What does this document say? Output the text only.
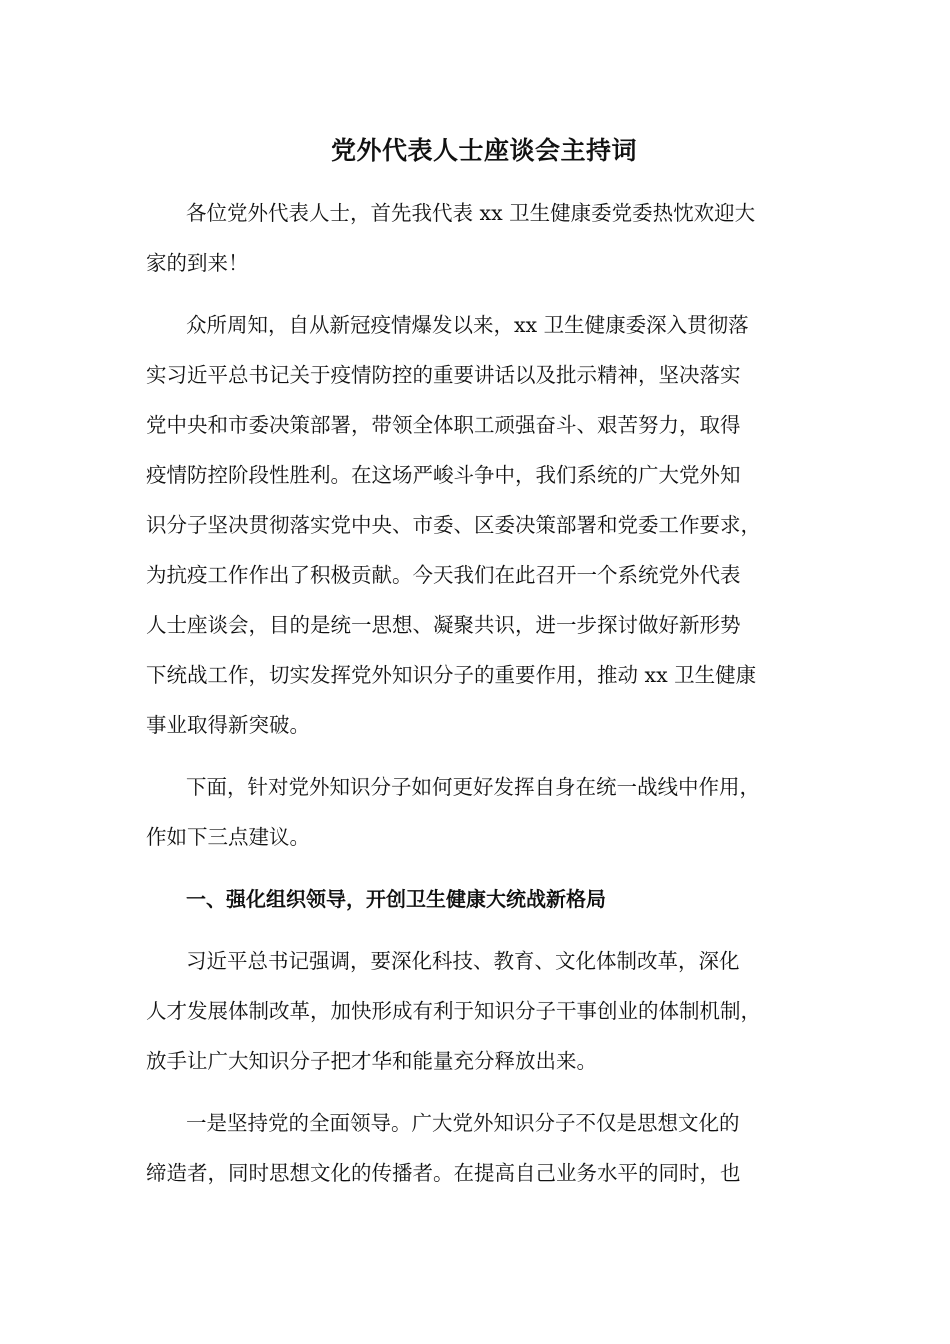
党外代表人士座谈会主持词
各位党外代表人士，首先我代表 xx 卫生健康委党委热忱欢迎大
家的到来！
众所周知，自从新冠疫情爆发以来，xx 卫生健康委深入贯彻落
实习近平总书记关于疫情防控的重要讲话以及批示精神，坚决落实
党中央和市委决策部署，带领全体职工顽强奋斗、艰苦努力，取得
疫情防控阶段性胜利。在这场严峻斗争中，我们系统的广大党外知
识分子坚决贯彻落实党中央、市委、区委决策部署和党委工作要求，
为抗疫工作作出了积极贡献。今天我们在此召开一个系统党外代表
人士座谈会，目的是统一思想、凝聚共识，进一步探讨做好新形势
下统战工作，切实发挥党外知识分子的重要作用，推动 xx 卫生健康
事业取得新突破。
下面，针对党外知识分子如何更好发挥自身在统一战线中作用，
作如下三点建议。
一、强化组织领导，开创卫生健康大统战新格局
习近平总书记强调，要深化科技、教育、文化体制改革，深化
人才发展体制改革，加快形成有利于知识分子干事创业的体制机制，
放手让广大知识分子把才华和能量充分释放出来。
一是坚持党的全面领导。广大党外知识分子不仅是思想文化的
缔造者，同时思想文化的传播者。在提高自己业务水平的同时，也
